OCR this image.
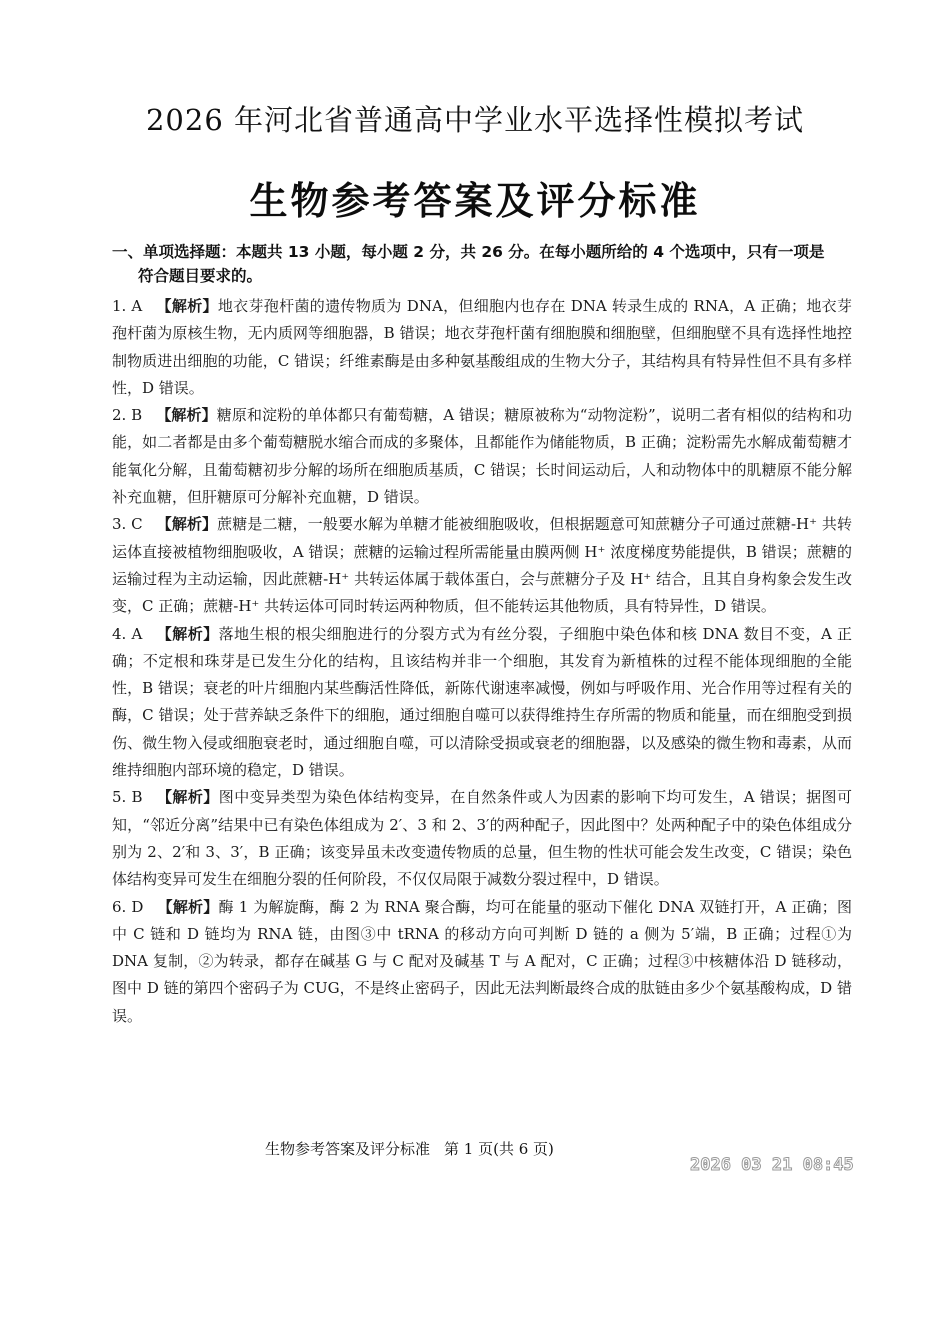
2026 年河北省普通高中学业水平选择性模拟考试
生物参考答案及评分标准
一、单项选择题：本题共 13 小题，每小题 2 分，共 26 分。在每小题所给的 4 个选项中，只有一项是
符合题目要求的。

1. A 【解析】地衣芽孢杆菌的遗传物质为 DNA，但细胞内也存在 DNA 转录生成的 RNA，A 正确；地衣芽孢杆菌为原核生物，无内质网等细胞器，B 错误；地衣芽孢杆菌有细胞膜和细胞壁，但细胞壁不具有选择性地控制物质进出细胞的功能，C 错误；纤维素酶是由多种氨基酸组成的生物大分子，其结构具有特异性但不具有多样性，D 错误。

2. B 【解析】糖原和淀粉的单体都只有葡萄糖，A 错误；糖原被称为“动物淀粉”，说明二者有相似的结构和功能，如二者都是由多个葡萄糖脱水缩合而成的多聚体，且都能作为储能物质，B 正确；淀粉需先水解成葡萄糖才能氧化分解，且葡萄糖初步分解的场所在细胞质基质，C 错误；长时间运动后，人和动物体中的肌糖原不能分解补充血糖，但肝糖原可分解补充血糖，D 错误。

3. C 【解析】蔗糖是二糖，一般要水解为单糖才能被细胞吸收，但根据题意可知蔗糖分子可通过蔗糖-H⁺ 共转运体直接被植物细胞吸收，A 错误；蔗糖的运输过程所需能量由膜两侧 H⁺ 浓度梯度势能提供，B 错误；蔗糖的运输过程为主动运输，因此蔗糖-H⁺ 共转运体属于载体蛋白，会与蔗糖分子及 H⁺ 结合，且其自身构象会发生改变，C 正确；蔗糖-H⁺ 共转运体可同时转运两种物质，但不能转运其他物质，具有特异性，D 错误。

4. A 【解析】落地生根的根尖细胞进行的分裂方式为有丝分裂，子细胞中染色体和核 DNA 数目不变，A 正确；不定根和珠芽是已发生分化的结构，且该结构并非一个细胞，其发育为新植株的过程不能体现细胞的全能性，B 错误；衰老的叶片细胞内某些酶活性降低，新陈代谢速率减慢，例如与呼吸作用、光合作用等过程有关的酶，C 错误；处于营养缺乏条件下的细胞，通过细胞自噬可以获得维持生存所需的物质和能量，而在细胞受到损伤、微生物入侵或细胞衰老时，通过细胞自噬，可以清除受损或衰老的细胞器，以及感染的微生物和毒素，从而维持细胞内部环境的稳定，D 错误。

5. B 【解析】图中变异类型为染色体结构变异，在自然条件或人为因素的影响下均可发生，A 错误；据图可知，“邻近分离”结果中已有染色体组成为 2′、3 和 2、3′的两种配子，因此图中？处两种配子中的染色体组成分别为 2、2′和 3、3′，B 正确；该变异虽未改变遗传物质的总量，但生物的性状可能会发生改变，C 错误；染色体结构变异可发生在细胞分裂的任何阶段，不仅仅局限于减数分裂过程中，D 错误。

6. D 【解析】酶 1 为解旋酶，酶 2 为 RNA 聚合酶，均可在能量的驱动下催化 DNA 双链打开，A 正确；图中 C 链和 D 链均为 RNA 链，由图③中 tRNA 的移动方向可判断 D 链的 a 侧为 5′端，B 正确；过程①为 DNA 复制，②为转录，都存在碱基 G 与 C 配对及碱基 T 与 A 配对，C 正确；过程③中核糖体沿 D 链移动，图中 D 链的第四个密码子为 CUG，不是终止密码子，因此无法判断最终合成的肽链由多少个氨基酸构成，D 错误。

生物参考答案及评分标准 第 1 页(共 6 页)
2026 03 21 08:45
